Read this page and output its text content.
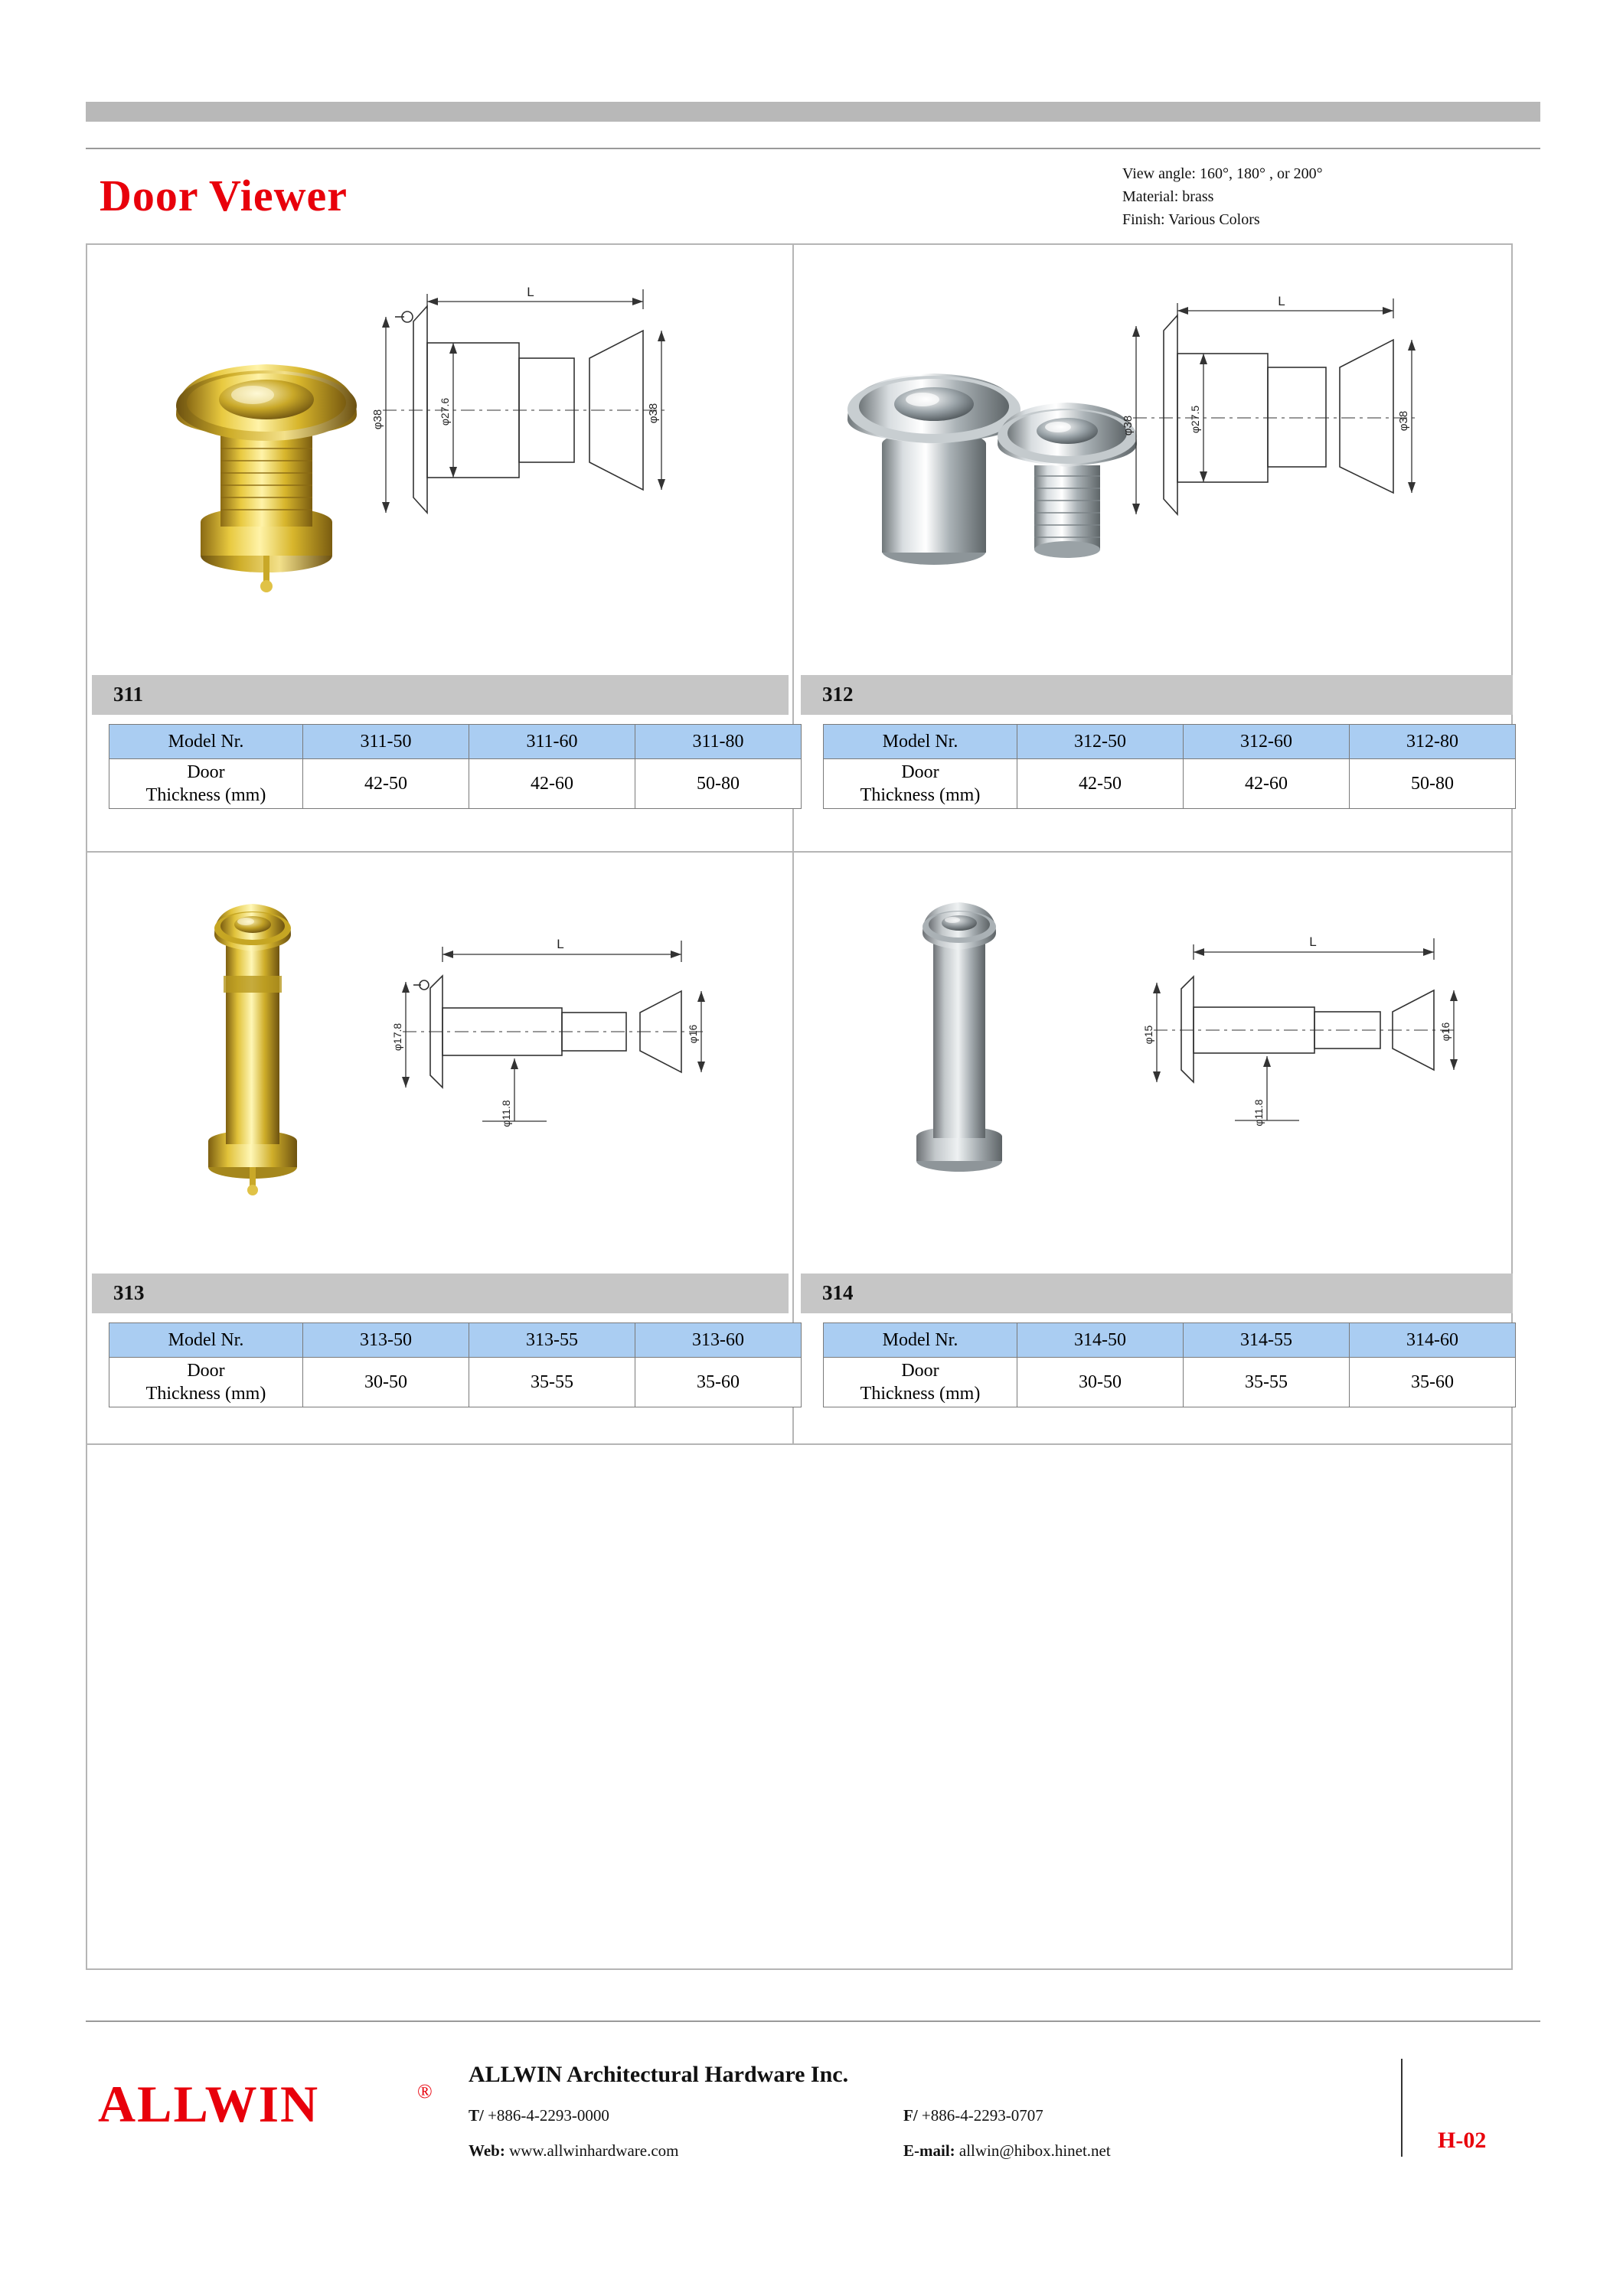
Door Viewer	View angle: 160°, 180° , or 200°
Material: brass
Finish: Various Colors
L
φ38	φ27.6	φ38
311
Model Nr.	311-50	311-60	311-80
Door
Thickness (mm)	42-50	42-60	50-80
L
φ38	φ27.5	φ38
312
Model Nr.	312-50	312-60	312-80
Door
Thickness (mm)	42-50	42-60	50-80
L
φ17.8
φ11.8
φ16
313
Model Nr.	313-50	313-55	313-60
Door
Thickness (mm)	30-50	35-55	35-60
L
φ15
φ11.8
φ16
314
Model Nr.	314-50	314-55	314-60
Door
Thickness (mm)	30-50	35-55	35-60
ALLWIN	®
ALLWIN Architectural Hardware Inc.
T/ +886-4-2293-0000	F/ +886-4-2293-0707
Web: www.allwinhardware.com	E-mail: allwin@hibox.hinet.net	H-02
